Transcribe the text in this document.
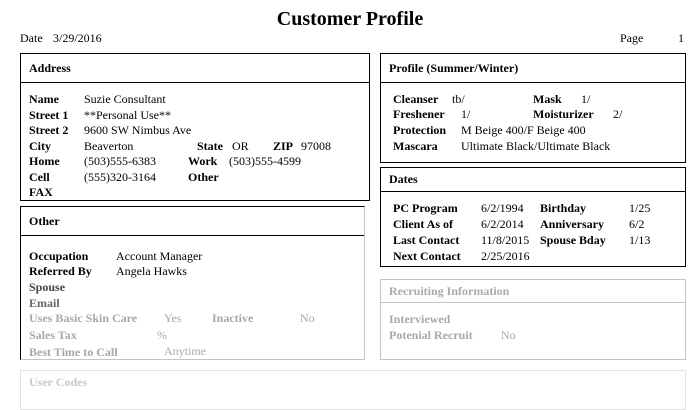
Customer Profile
Date 3/29/2016	Page	1
Address
Name Suzie Consultant
Street 1 **Personal Use**
Street 2 9600 SW Nimbus Ave
City	Beaverton	State OR ZIP 97008
Home (503)555-6383	Work (503)555-4599
Cell	(555)320-3164	Other
FAX
Profile (Summer/Winter)
Cleanser tb/	Mask 1/
Freshener 1/	Moisturizer 2/
Protection M Beige 400/F Beige 400
Mascara Ultimate Black/Ultimate Black
Dates
PC Program 6/2/1994 Birthday	1/25
Client As of 6/2/2014 Anniversary 6/2
Last Contact 11/8/2015 Spouse Bday 1/13
Next Contact 2/25/2016
Other
Occupation Account Manager
Referred By Angela Hawks
Spouse
Email
Uses Basic Skin Care Yes	Inactive	No
Sales Tax	%
Best Time to Call	Anytime
Recruiting Information
Interviewed
Potenial Recruit No
User Codes
